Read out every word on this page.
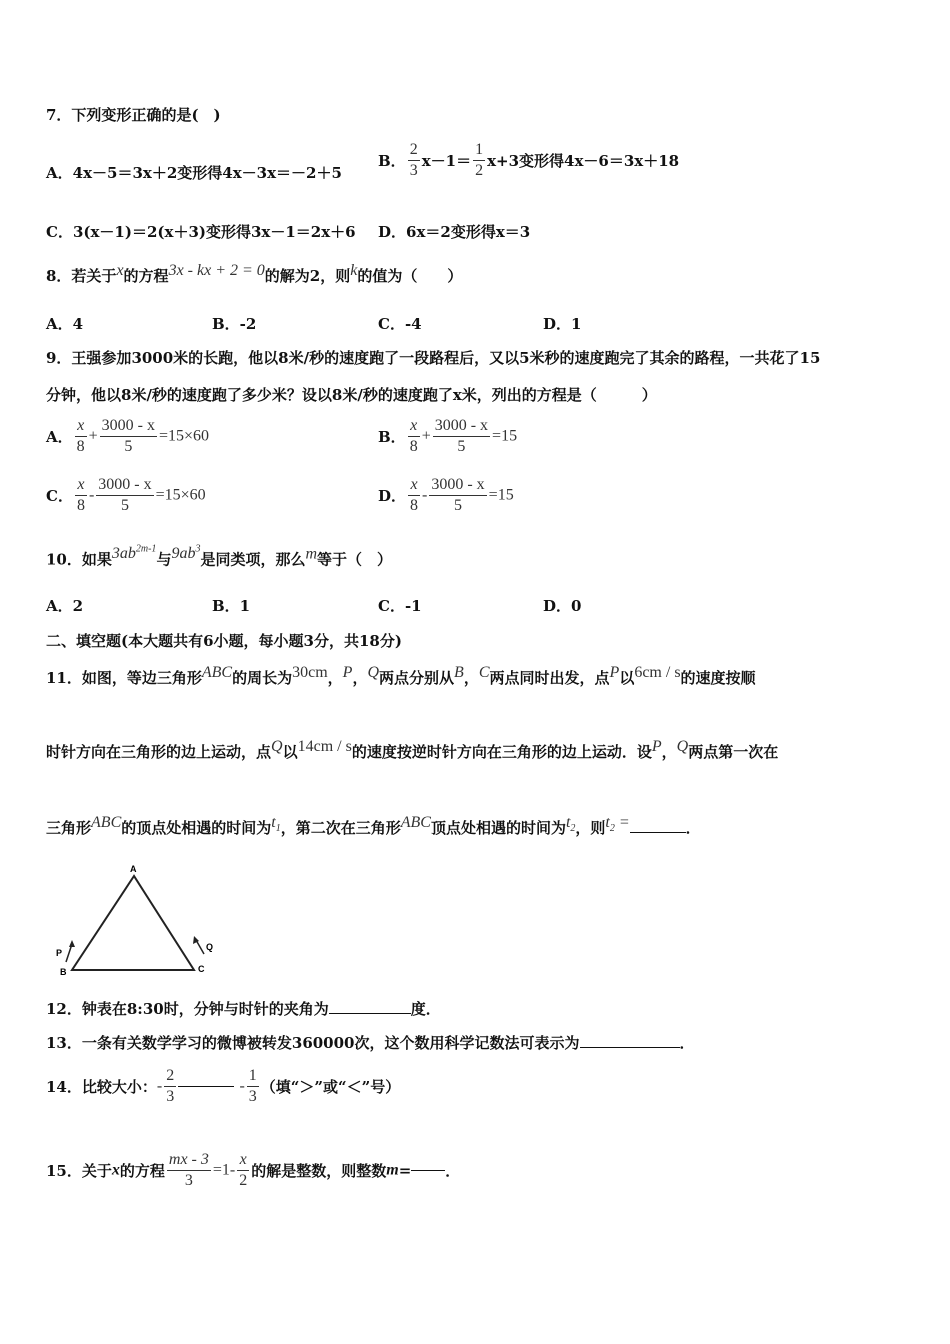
7．下列变形正确的是(　)
A．4x－5＝3x＋2变形得4x－3x＝－2＋5
B． $\frac{2}{3} x-1= \frac{1}{2} x+3$变形得4x－6＝3x＋18
C．3(x－1)＝2(x＋3)变形得3x－1＝2x＋6 D．6x＝2变形得x＝3
8．若关于$^x$的方程$^{3x - kx + 2 = 0}$的解为2，则$^k$的值为（　　）
A．4	B．-2	C．-4	D．1
9．王强参加3000米的长跑，他以8米/秒的速度跑了一段路程后，又以5米秒的速度跑完了其余的路程，一共花了15
分钟，他以8米/秒的速度跑了多少米？设以8米/秒的速度跑了x米，列出的方程是（　　　）
A． $\frac{x}{8} + \frac{3000 - x}{5} =15\times 60$	B． $\frac{x}{8} + \frac{3000 - x}{5} =15$
C． $\frac{x}{8} - \frac{3000 - x}{5} =15\times 60$	D． $\frac{x}{8} - \frac{3000 - x}{5} =15$
10．如果$^{3ab^{2m-1}}$与$^{9ab^3}$是同类项，那么$^m$等于（　）
A．2	B．1	C．-1	D．0
二、填空题(本大题共有6小题，每小题3分，共18分)
11．如图，等边三角形$^{ABC}$的周长为$^{30cm}$，$^P$，$^Q$两点分别从$^B$，$^C$两点同时出发，点$^P$以$^{6cm / s}$的速度按顺
时针方向在三角形的边上运动，点$^Q$以$^{14cm / s}$的速度按逆时针方向在三角形的边上运动．设$^P$，$^Q$两点第一次在
三角形$^{ABC}$的顶点处相遇的时间为$^{t_1}$，第二次在三角形$^{ABC}$顶点处相遇的时间为$^{t_2}$，则$^{t_2 =}$	．
A
B	C
P
Q
12．钟表在8:30时，分钟与时针的夹角为	度．
13．一条有关数学学习的微博被转发360000次，这个数用科学记数法可表示为	．
14．比较大小：- $\frac{2}{3}$	- $\frac{1}{3}$ （填“＞”或“＜”号）
15．关于x的方程 $\frac{mx - 3}{3} =1- \frac{x}{2}$ 的解是整数，则整数m= ．
